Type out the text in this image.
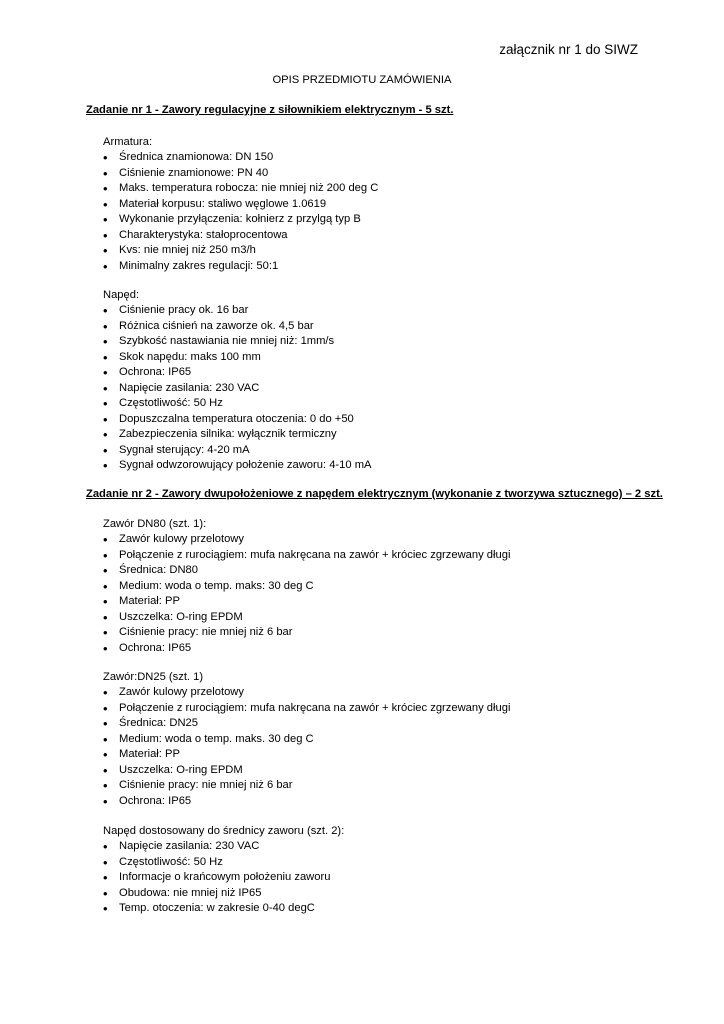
załącznik nr 1 do SIWZ
OPIS PRZEDMIOTU ZAMÓWIENIA
Zadanie nr 1 - Zawory regulacyjne z siłownikiem elektrycznym - 5 szt.
Armatura:
• Średnica znamionowa: DN 150
• Ciśnienie znamionowe: PN 40
• Maks. temperatura robocza: nie mniej niż 200 deg C
• Materiał korpusu: staliwo węglowe 1.0619
• Wykonanie przyłączenia: kołnierz z przylgą typ B
• Charakterystyka: stałoprocentowa
• Kvs: nie mniej niż 250 m3/h
• Minimalny zakres regulacji: 50:1
Napęd:
• Ciśnienie pracy ok. 16 bar
• Różnica ciśnień na zaworze ok. 4,5 bar
• Szybkość nastawiania nie mniej niż: 1mm/s
• Skok napędu: maks 100 mm
• Ochrona: IP65
• Napięcie zasilania: 230 VAC
• Częstotliwość: 50 Hz
• Dopuszczalna temperatura otoczenia: 0 do +50
• Zabezpieczenia silnika: wyłącznik termiczny
• Sygnał sterujący: 4-20 mA
• Sygnał odwzorowujący położenie zaworu: 4-10 mA
Zadanie nr 2 - Zawory dwupołożeniowe z napędem elektrycznym (wykonanie z tworzywa sztucznego) – 2 szt.
Zawór DN80 (szt. 1):
• Zawór kulowy przelotowy
• Połączenie z rurociągiem: mufa nakręcana na zawór + króciec zgrzewany długi
• Średnica: DN80
• Medium: woda o temp. maks: 30 deg C
• Materiał: PP
• Uszczelka: O-ring EPDM
• Ciśnienie pracy: nie mniej niż 6 bar
• Ochrona: IP65
Zawór:DN25 (szt. 1)
• Zawór kulowy przelotowy
• Połączenie z rurociągiem: mufa nakręcana na zawór + króciec zgrzewany długi
• Średnica: DN25
• Medium: woda o temp. maks. 30 deg C
• Materiał: PP
• Uszczelka: O-ring EPDM
• Ciśnienie pracy: nie mniej niż 6 bar
• Ochrona: IP65
Napęd dostosowany do średnicy zaworu (szt. 2):
• Napięcie zasilania: 230 VAC
• Częstotliwość: 50 Hz
• Informacje o krańcowym położeniu zaworu
• Obudowa: nie mniej niż IP65
• Temp. otoczenia: w zakresie 0-40 degC
